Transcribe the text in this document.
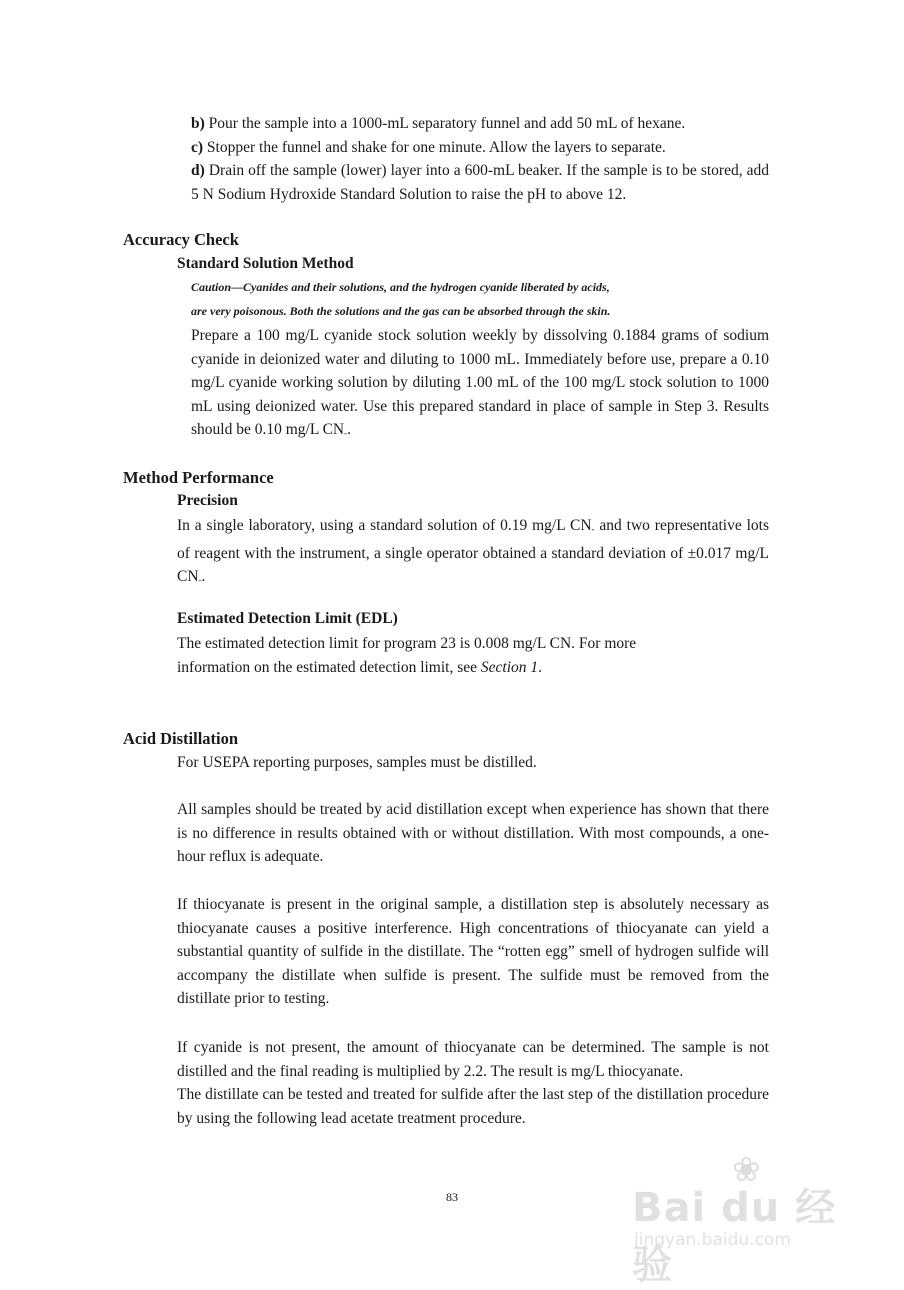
b) Pour the sample into a 1000-mL separatory funnel and add 50 mL of hexane.

c) Stopper the funnel and shake for one minute. Allow the layers to separate.

d) Drain off the sample (lower) layer into a 600-mL beaker. If the sample is to be stored, add 5 N Sodium Hydroxide Standard Solution to raise the pH to above 12.

Accuracy Check
Standard Solution Method
Caution—Cyanides and their solutions, and the hydrogen cyanide liberated by acids,
are very poisonous. Both the solutions and the gas can be absorbed through the skin.

Prepare a 100 mg/L cyanide stock solution weekly by dissolving 0.1884 grams of sodium cyanide in deionized water and diluting to 1000 mL. Immediately before use, prepare a 0.10 mg/L cyanide working solution by diluting 1.00 mL of the 100 mg/L stock solution to 1000 mL using deionized water. Use this prepared standard in place of sample in Step 3. Results should be 0.10 mg/L $CN_-$.

Method Performance
Precision

In a single laboratory, using a standard solution of 0.19 mg/L $CN_-$ and two representative lots of reagent with the instrument, a single operator obtained a standard deviation of ±0.017 mg/L $CN_-$.

Estimated Detection Limit (EDL)

The estimated detection limit for program 23 is 0.008 mg/L CN. For more
information on the estimated detection limit, see Section 1.

Acid Distillation

For USEPA reporting purposes, samples must be distilled.

All samples should be treated by acid distillation except when experience has shown that there is no difference in results obtained with or without distillation. With most compounds, a one-hour reflux is adequate.

If thiocyanate is present in the original sample, a distillation step is absolutely necessary as thiocyanate causes a positive interference. High concentrations of thiocyanate can yield a substantial quantity of sulfide in the distillate. The “rotten egg” smell of hydrogen sulfide will accompany the distillate when sulfide is present. The sulfide must be removed from the distillate prior to testing.

If cyanide is not present, the amount of thiocyanate can be determined. The sample is not distilled and the final reading is multiplied by 2.2. The result is mg/L thiocyanate.

The distillate can be tested and treated for sulfide after the last step of the distillation procedure by using the following lead acetate treatment procedure.

83
❀
Bai du 经验
jingyan.baidu.com
